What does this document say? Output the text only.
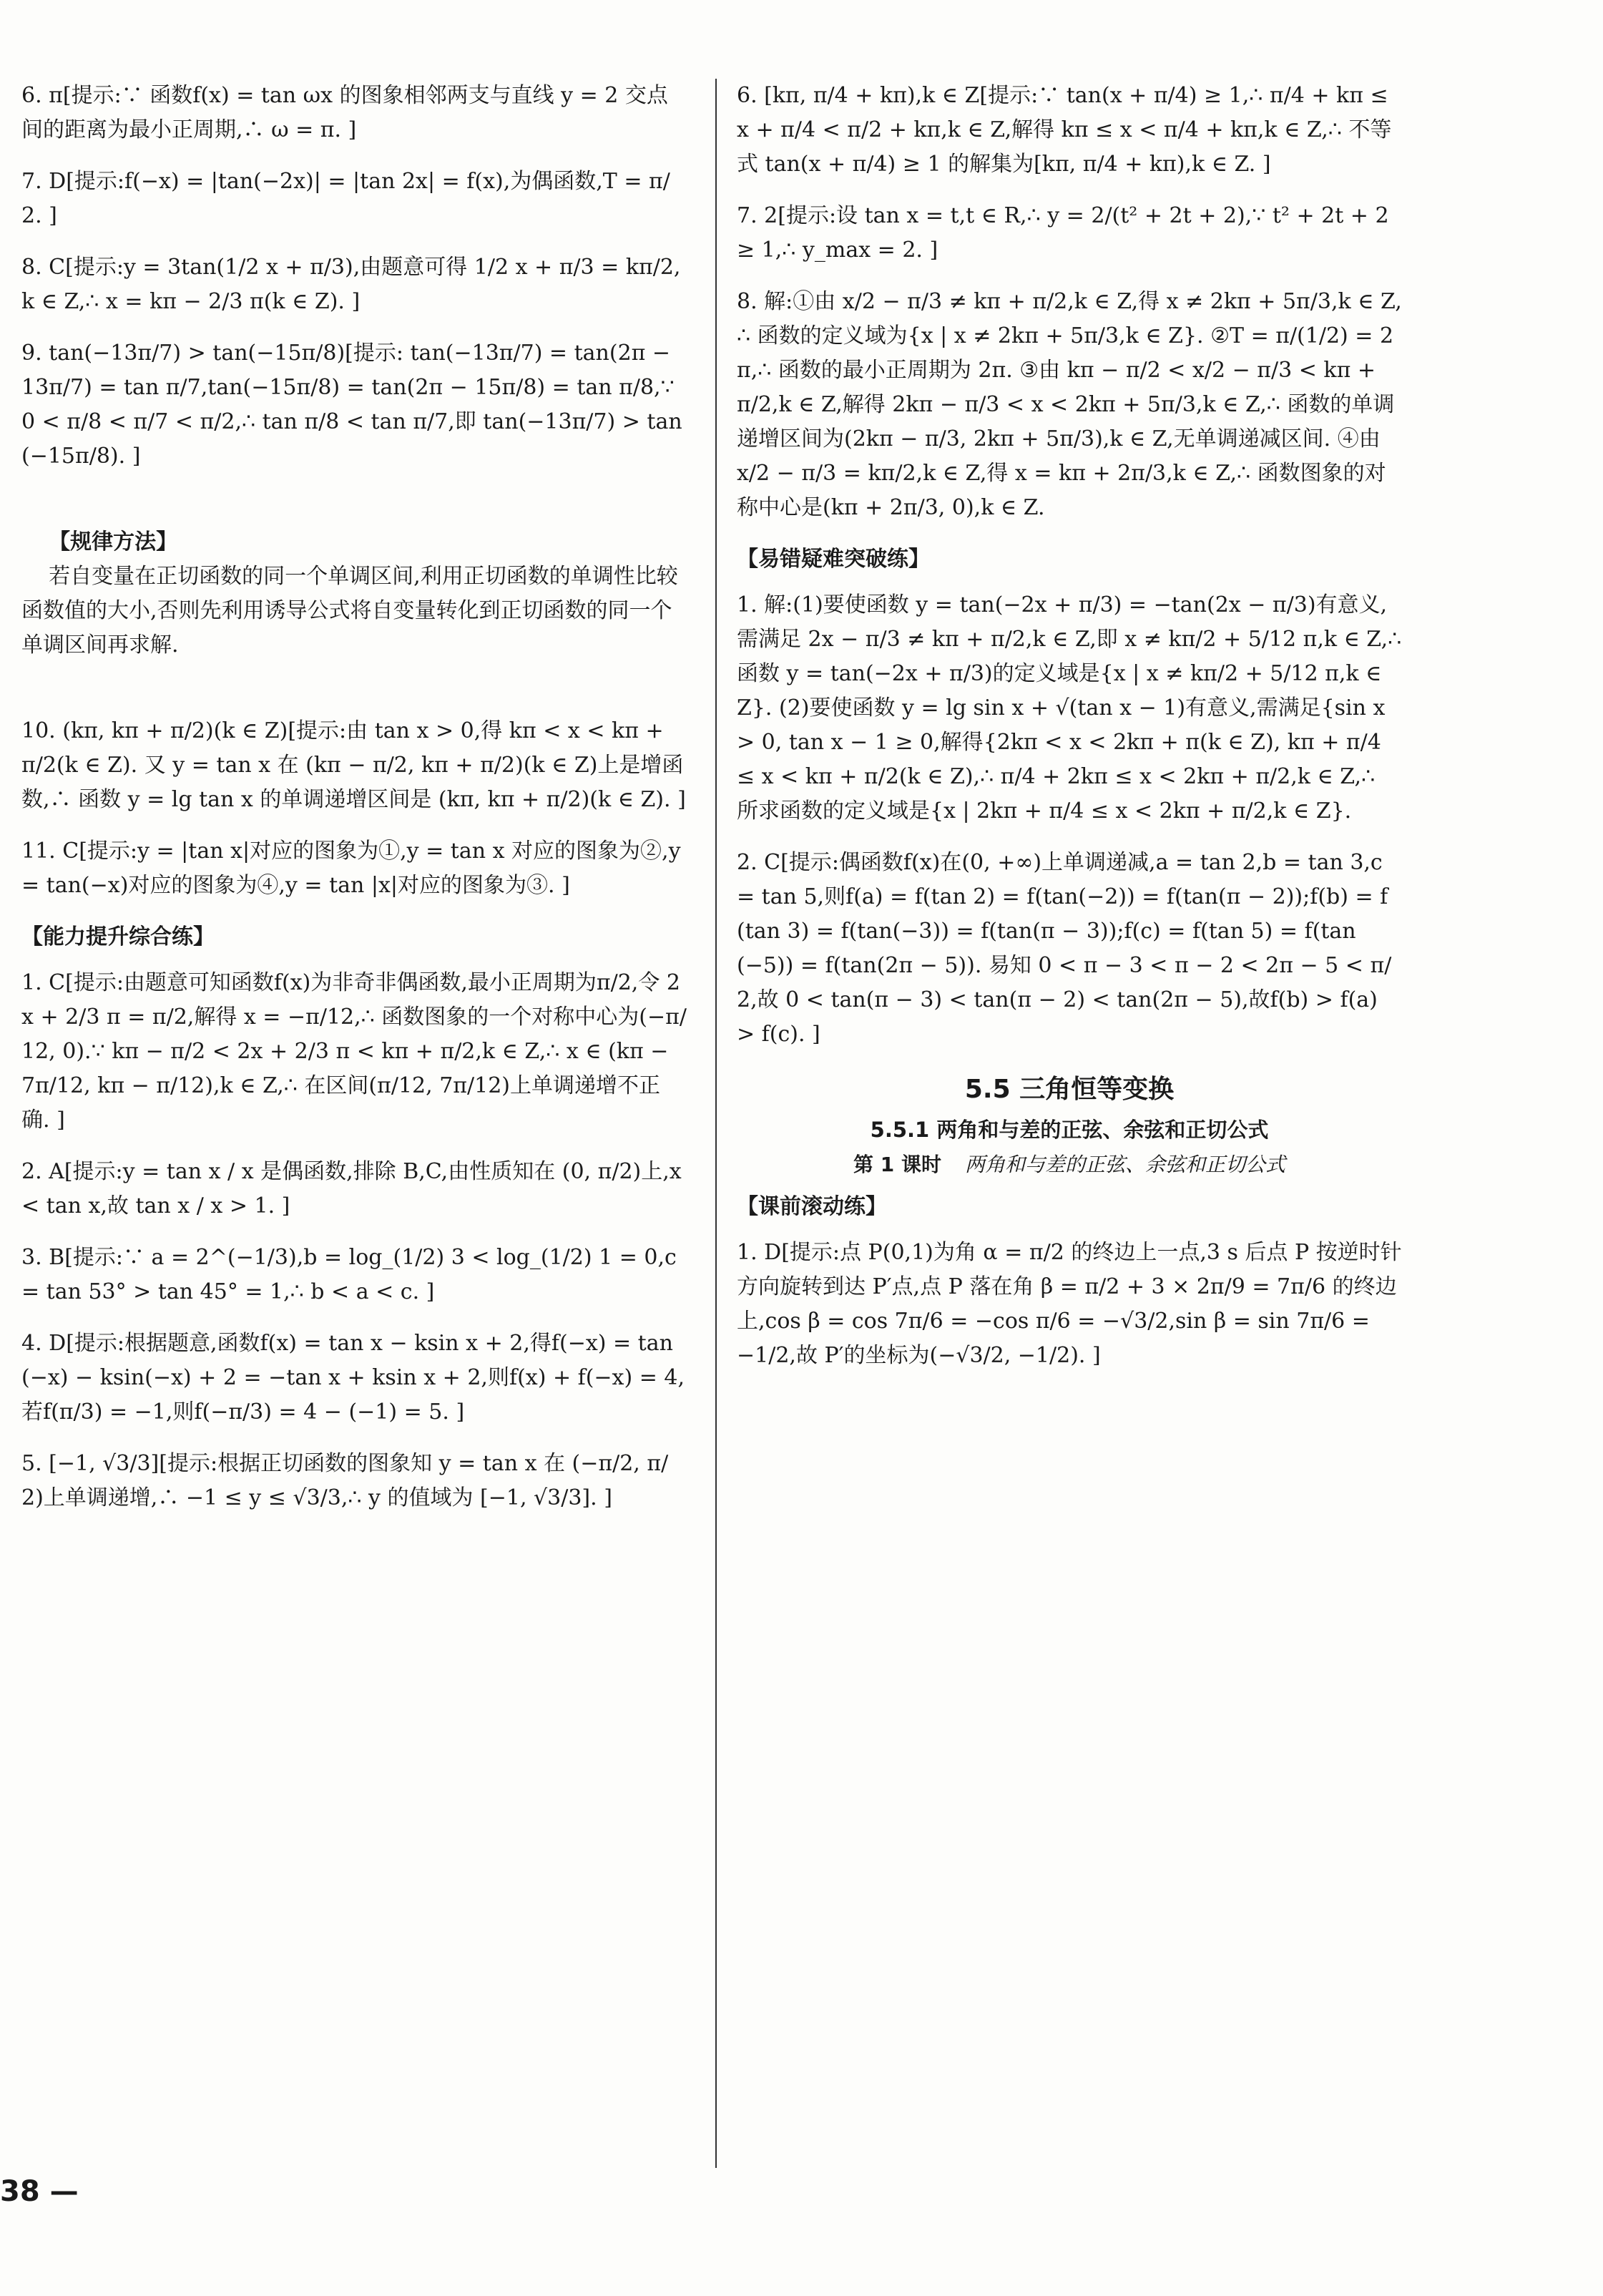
6. π[提示:∵ 函数f(x) = tan ωx 的图象相邻两支与直线 y = 2 交点间的距离为最小正周期,∴ ω = π. ]
7. D[提示:f(−x) = |tan(−2x)| = |tan 2x| = f(x),为偶函数,T = π/2. ]
8. C[提示:y = 3tan(1/2 x + π/3),由题意可得 1/2 x + π/3 = kπ/2,k ∈ Z,∴ x = kπ − 2/3 π(k ∈ Z). ]
9. tan(−13π/7) > tan(−15π/8)[提示: tan(−13π/7) = tan(2π − 13π/7) = tan π/7,tan(−15π/8) = tan(2π − 15π/8) = tan π/8,∵ 0 < π/8 < π/7 < π/2,∴ tan π/8 < tan π/7,即 tan(−13π/7) > tan(−15π/8). ]

【规律方法】
若自变量在正切函数的同一个单调区间,利用正切函数的单调性比较函数值的大小,否则先利用诱导公式将自变量转化到正切函数的同一个单调区间再求解.

10. (kπ, kπ + π/2)(k ∈ Z)[提示:由 tan x > 0,得 kπ < x < kπ + π/2(k ∈ Z). 又 y = tan x 在 (kπ − π/2, kπ + π/2)(k ∈ Z)上是增函数,∴ 函数 y = lg tan x 的单调递增区间是 (kπ, kπ + π/2)(k ∈ Z). ]
11. C[提示:y = |tan x|对应的图象为①,y = tan x 对应的图象为②,y = tan(−x)对应的图象为④,y = tan |x|对应的图象为③. ]
【能力提升综合练】
1. C[提示:由题意可知函数f(x)为非奇非偶函数,最小正周期为π/2,令 2x + 2/3 π = π/2,解得 x = −π/12,∴ 函数图象的一个对称中心为(−π/12, 0).∵ kπ − π/2 < 2x + 2/3 π < kπ + π/2,k ∈ Z,∴ x ∈ (kπ − 7π/12, kπ − π/12),k ∈ Z,∴ 在区间(π/12, 7π/12)上单调递增不正确. ]
2. A[提示:y = tan x / x 是偶函数,排除 B,C,由性质知在 (0, π/2)上,x < tan x,故 tan x / x > 1. ]
3. B[提示:∵ a = 2^(−1/3),b = log_(1/2) 3 < log_(1/2) 1 = 0,c = tan 53° > tan 45° = 1,∴ b < a < c. ]
4. D[提示:根据题意,函数f(x) = tan x − ksin x + 2,得f(−x) = tan(−x) − ksin(−x) + 2 = −tan x + ksin x + 2,则f(x) + f(−x) = 4,若f(π/3) = −1,则f(−π/3) = 4 − (−1) = 5. ]
5. [−1, √3/3][提示:根据正切函数的图象知 y = tan x 在 (−π/2, π/2)上单调递增,∴ −1 ≤ y ≤ √3/3,∴ y 的值域为 [−1, √3/3]. ]
6. [kπ, π/4 + kπ),k ∈ Z[提示:∵ tan(x + π/4) ≥ 1,∴ π/4 + kπ ≤ x + π/4 < π/2 + kπ,k ∈ Z,解得 kπ ≤ x < π/4 + kπ,k ∈ Z,∴ 不等式 tan(x + π/4) ≥ 1 的解集为[kπ, π/4 + kπ),k ∈ Z. ]
7. 2[提示:设 tan x = t,t ∈ R,∴ y = 2/(t² + 2t + 2),∵ t² + 2t + 2 ≥ 1,∴ y_max = 2. ]
8. 解:①由 x/2 − π/3 ≠ kπ + π/2,k ∈ Z,得 x ≠ 2kπ + 5π/3,k ∈ Z,∴ 函数的定义域为{x | x ≠ 2kπ + 5π/3,k ∈ Z}. ②T = π/(1/2) = 2π,∴ 函数的最小正周期为 2π. ③由 kπ − π/2 < x/2 − π/3 < kπ + π/2,k ∈ Z,解得 2kπ − π/3 < x < 2kπ + 5π/3,k ∈ Z,∴ 函数的单调递增区间为(2kπ − π/3, 2kπ + 5π/3),k ∈ Z,无单调递减区间. ④由 x/2 − π/3 = kπ/2,k ∈ Z,得 x = kπ + 2π/3,k ∈ Z,∴ 函数图象的对称中心是(kπ + 2π/3, 0),k ∈ Z.
【易错疑难突破练】
1. 解:(1)要使函数 y = tan(−2x + π/3) = −tan(2x − π/3)有意义,需满足 2x − π/3 ≠ kπ + π/2,k ∈ Z,即 x ≠ kπ/2 + 5/12 π,k ∈ Z,∴ 函数 y = tan(−2x + π/3)的定义域是{x | x ≠ kπ/2 + 5/12 π,k ∈ Z}. (2)要使函数 y = lg sin x + √(tan x − 1)有意义,需满足{sin x > 0, tan x − 1 ≥ 0,解得{2kπ < x < 2kπ + π(k ∈ Z), kπ + π/4 ≤ x < kπ + π/2(k ∈ Z),∴ π/4 + 2kπ ≤ x < 2kπ + π/2,k ∈ Z,∴ 所求函数的定义域是{x | 2kπ + π/4 ≤ x < 2kπ + π/2,k ∈ Z}.
2. C[提示:偶函数f(x)在(0, +∞)上单调递减,a = tan 2,b = tan 3,c = tan 5,则f(a) = f(tan 2) = f(tan(−2)) = f(tan(π − 2));f(b) = f(tan 3) = f(tan(−3)) = f(tan(π − 3));f(c) = f(tan 5) = f(tan(−5)) = f(tan(2π − 5)). 易知 0 < π − 3 < π − 2 < 2π − 5 < π/2,故 0 < tan(π − 3) < tan(π − 2) < tan(2π − 5),故f(b) > f(a) > f(c). ]
5.5 三角恒等变换
5.5.1 两角和与差的正弦、余弦和正切公式
第 1 课时 两角和与差的正弦、余弦和正切公式
【课前滚动练】
1. D[提示:点 P(0,1)为角 α = π/2 的终边上一点,3 s 后点 P 按逆时针方向旋转到达 P′点,点 P 落在角 β = π/2 + 3 × 2π/9 = 7π/6 的终边上,cos β = cos 7π/6 = −cos π/6 = −√3/2,sin β = sin 7π/6 = −1/2,故 P′的坐标为(−√3/2, −1/2). ]
38 —
